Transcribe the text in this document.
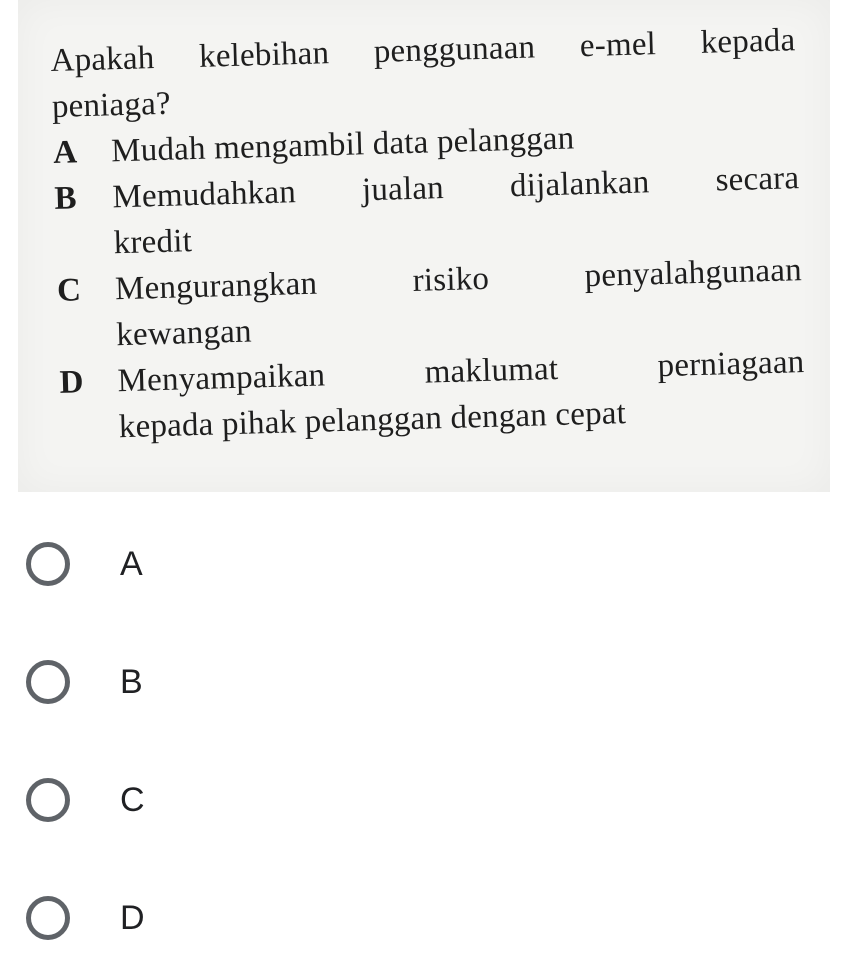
Apakah kelebihan penggunaan e-mel kepada
peniaga?
A Mudah mengambil data pelanggan
B	Memudahkan jualan dijalankan secara
kredit
C Mengurangkan	risiko	penyalahgunaan
kewangan
D Menyampaikan	maklumat	perniagaan
kepada pihak pelanggan dengan cepat
A
B
C
D
